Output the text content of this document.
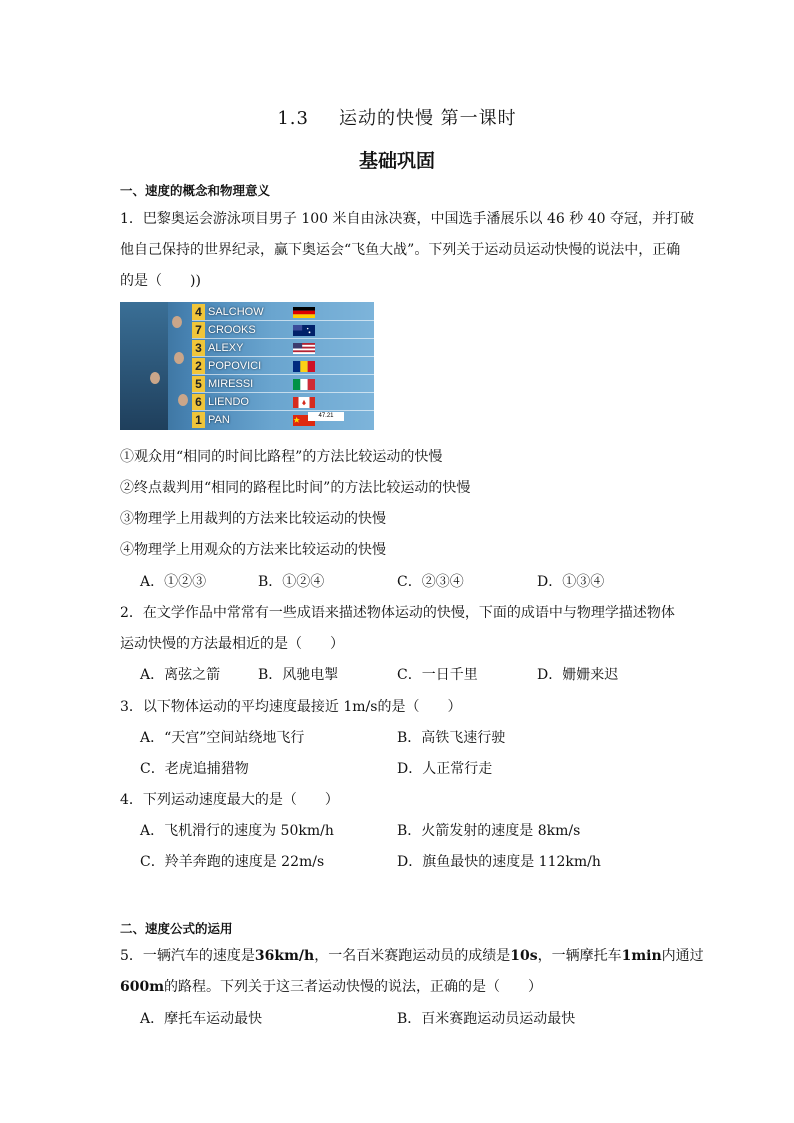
1.3 运动的快慢 第一课时
基础巩固
一、速度的概念和物理意义
1．巴黎奥运会游泳项目男子 100 米自由泳决赛，中国选手潘展乐以 46 秒 40 夺冠，并打破
他自己保持的世界纪录，赢下奥运会“飞鱼大战”。下列关于运动员运动快慢的说法中，正确
的是（　　))
4 SALCHOW
7 CROOKS
3 ALEXY
2 POPOVICI
5 MIRESSI
6 LIENDO
1 PAN	47.21
①观众用“相同的时间比路程”的方法比较运动的快慢
②终点裁判用“相同的路程比时间”的方法比较运动的快慢
③物理学上用裁判的方法来比较运动的快慢
④物理学上用观众的方法来比较运动的快慢
A．①②③	B．①②④	C．②③④	D．①③④
2．在文学作品中常常有一些成语来描述物体运动的快慢，下面的成语中与物理学描述物体
运动快慢的方法最相近的是（　　）
A．离弦之箭	B．风驰电掣	C．一日千里	D．姗姗来迟
3．以下物体运动的平均速度最接近 1m/s的是（　　）
A．“天宫”空间站绕地飞行	B．高铁飞速行驶
C．老虎追捕猎物	D．人正常行走
4．下列运动速度最大的是（　　）
A．飞机滑行的速度为 50km/h	B．火箭发射的速度是 8km/s
C．羚羊奔跑的速度是 22m/s	D．旗鱼最快的速度是 112km/h
二、速度公式的运用
5．一辆汽车的速度是36km/h，一名百米赛跑运动员的成绩是10s，一辆摩托车1min内通过
600m的路程。下列关于这三者运动快慢的说法，正确的是（　　）
A．摩托车运动最快	B．百米赛跑运动员运动最快
